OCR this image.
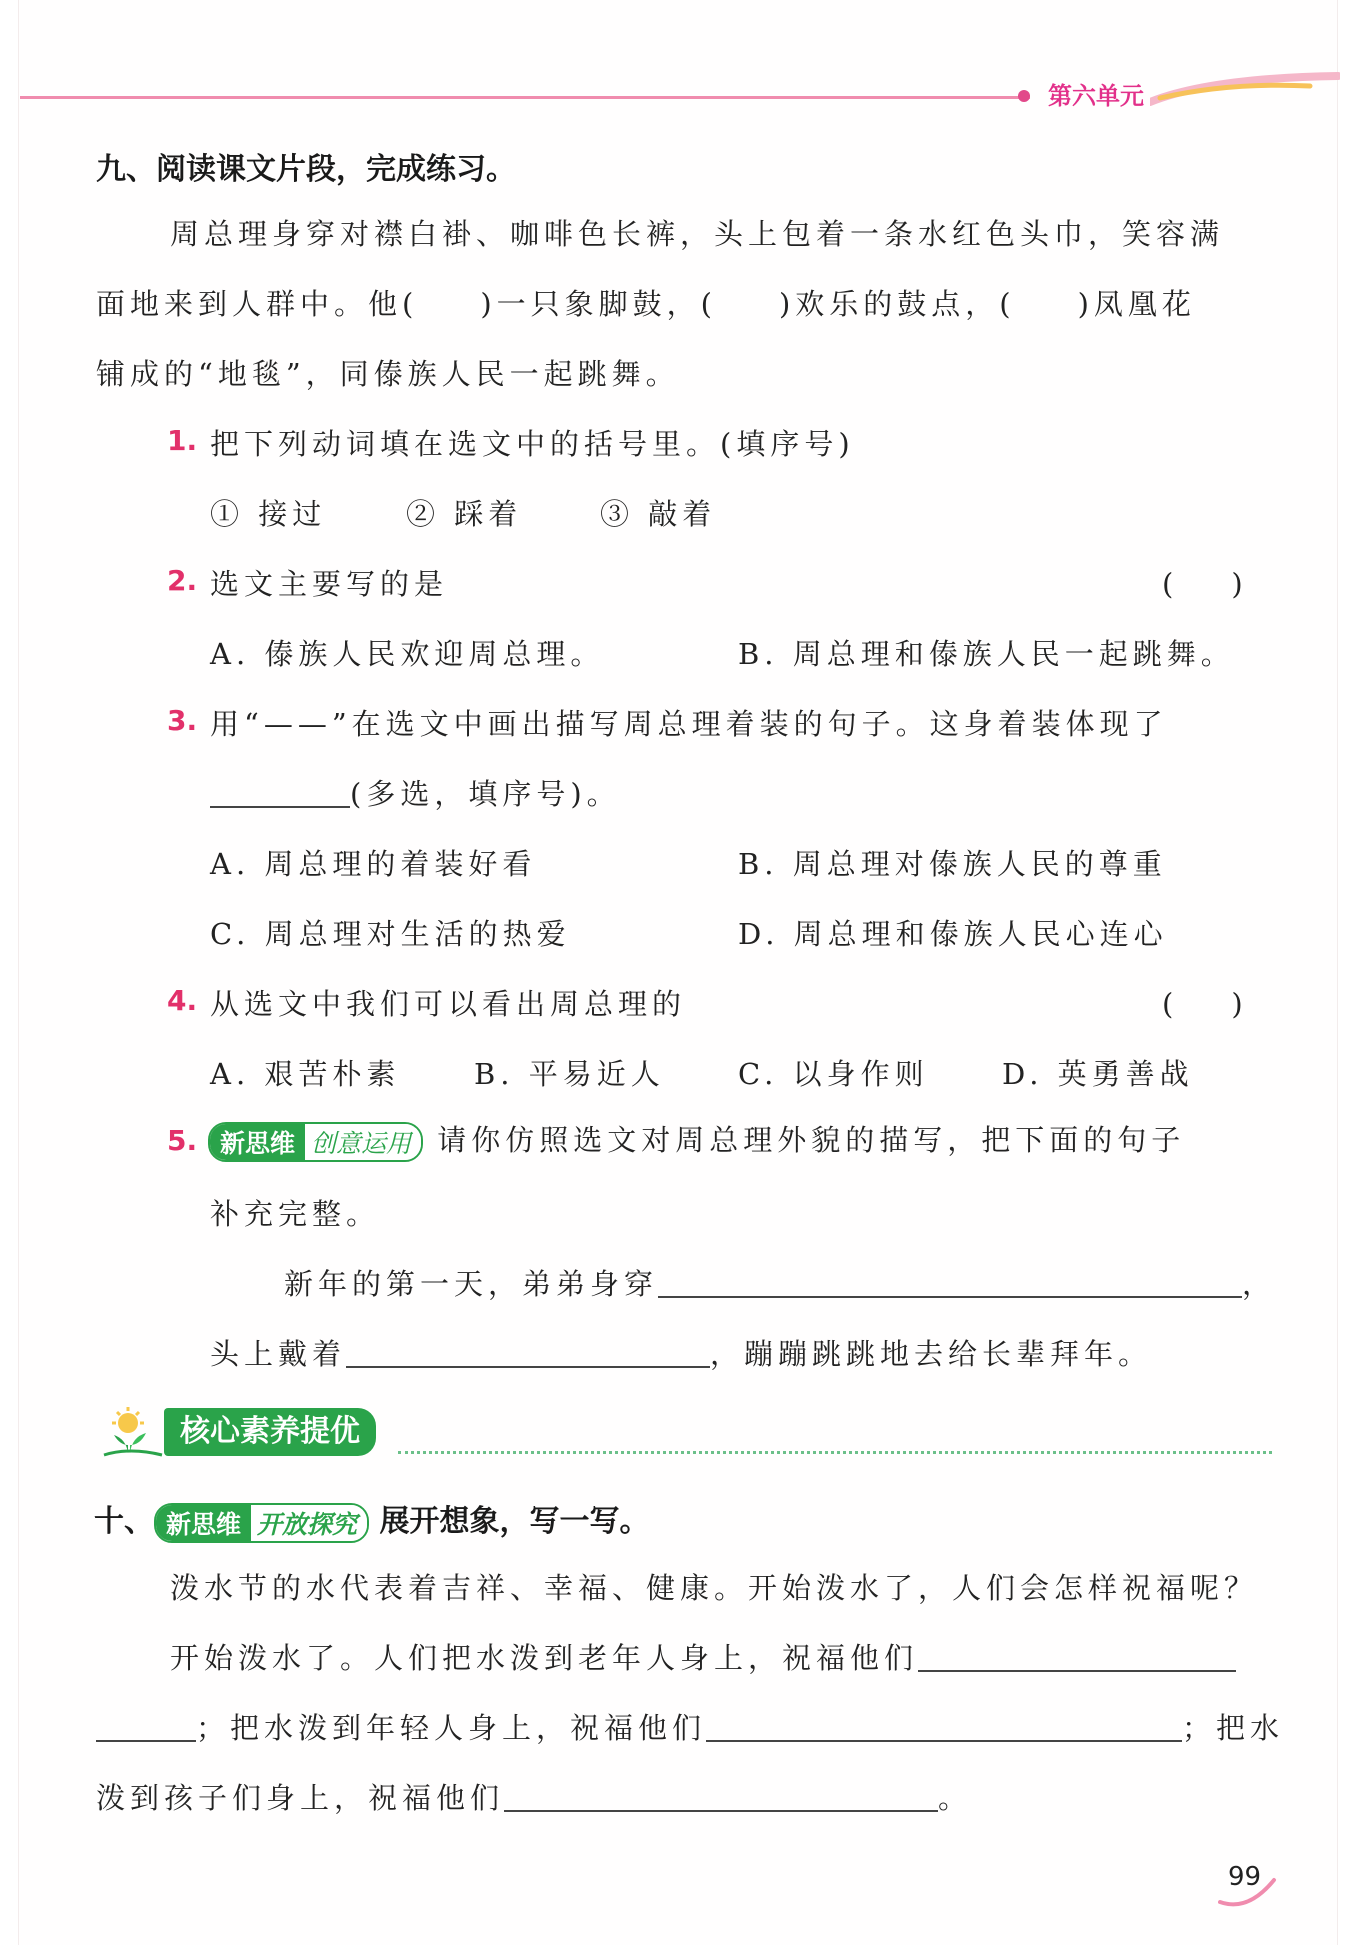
第六单元
九、阅读课文片段，完成练习。
周总理身穿对襟白褂、咖啡色长裤，头上包着一条水红色头巾，笑容满
面地来到人群中。他( )一只象脚鼓，( )欢乐的鼓点，( )凤凰花
铺成的“地毯”，同傣族人民一起跳舞。
1. 把下列动词填在选文中的括号里。(填序号)
① 接过	② 踩着	③ 敲着
2. 选文主要写的是	(　　)
A. 傣族人民欢迎周总理。	B. 周总理和傣族人民一起跳舞。
3. 用“——”在选文中画出描写周总理着装的句子。这身着装体现了
(多选，填序号)。
A. 周总理的着装好看	B. 周总理对傣族人民的尊重
C. 周总理对生活的热爱	D. 周总理和傣族人民心连心
4. 从选文中我们可以看出周总理的	(　　)
A. 艰苦朴素	B. 平易近人	C. 以身作则	D. 英勇善战
5. 新思维 创意运用 请你仿照选文对周总理外貌的描写，把下面的句子
补充完整。
新年的第一天，弟弟身穿	，
头上戴着	，蹦蹦跳跳地去给长辈拜年。
核心素养提优
十、 新思维 开放探究 展开想象，写一写。
泼水节的水代表着吉祥、幸福、健康。开始泼水了，人们会怎样祝福呢？
开始泼水了。人们把水泼到老年人身上，祝福他们
；把水泼到年轻人身上，祝福他们	；把水
泼到孩子们身上，祝福他们	。
99
